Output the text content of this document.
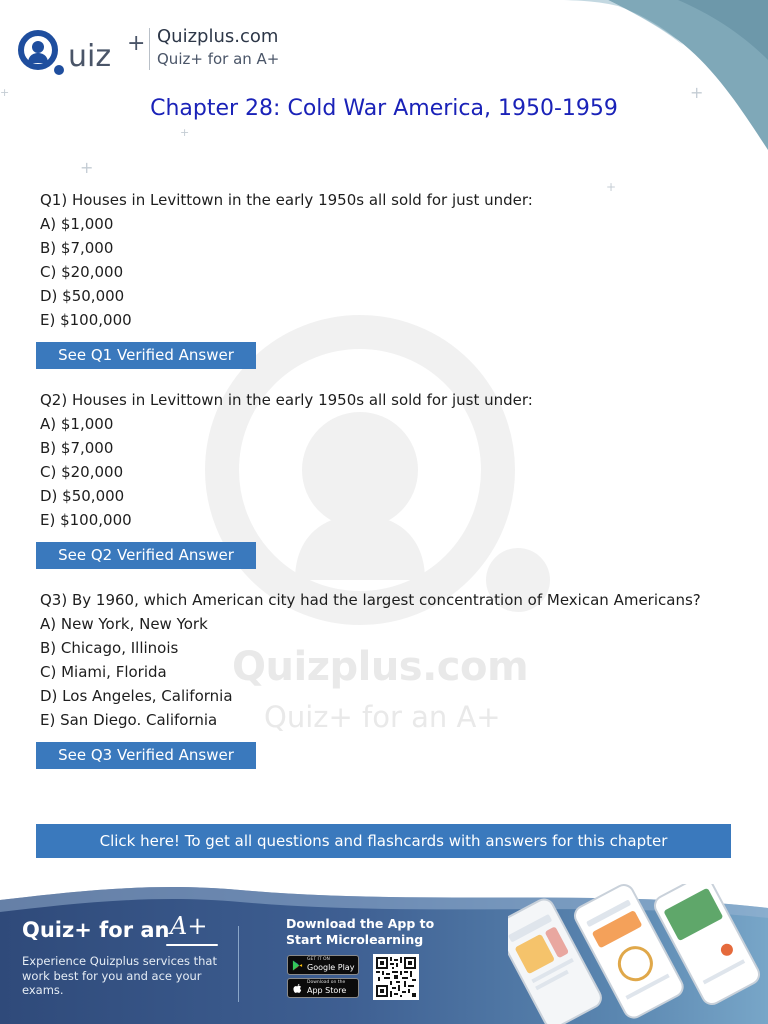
+
+
+
+
+
Quizplus.com
Quiz+ for an A+
uiz + Quizplus.com
Quiz+ for an A+
Chapter 28: Cold War America, 1950-1959
Q1) Houses in Levittown in the early 1950s all sold for just under:
A) $1,000
B) $7,000
C) $20,000
D) $50,000
E) $100,000
See Q1 Verified Answer
Q2) Houses in Levittown in the early 1950s all sold for just under:
A) $1,000
B) $7,000
C) $20,000
D) $50,000
E) $100,000
See Q2 Verified Answer
Q3) By 1960, which American city had the largest concentration of Mexican Americans?
A) New York, New York
B) Chicago, Illinois
C) Miami, Florida
D) Los Angeles, California
E) San Diego. California
See Q3 Verified Answer
Click here! To get all questions and flashcards with answers for this chapter
Quiz+ for an A+
Experience Quizplus services that work best for you and ace your exams.
Download the App to
Start Microlearning
GET IT ON
Google Play
Download on the
App Store
